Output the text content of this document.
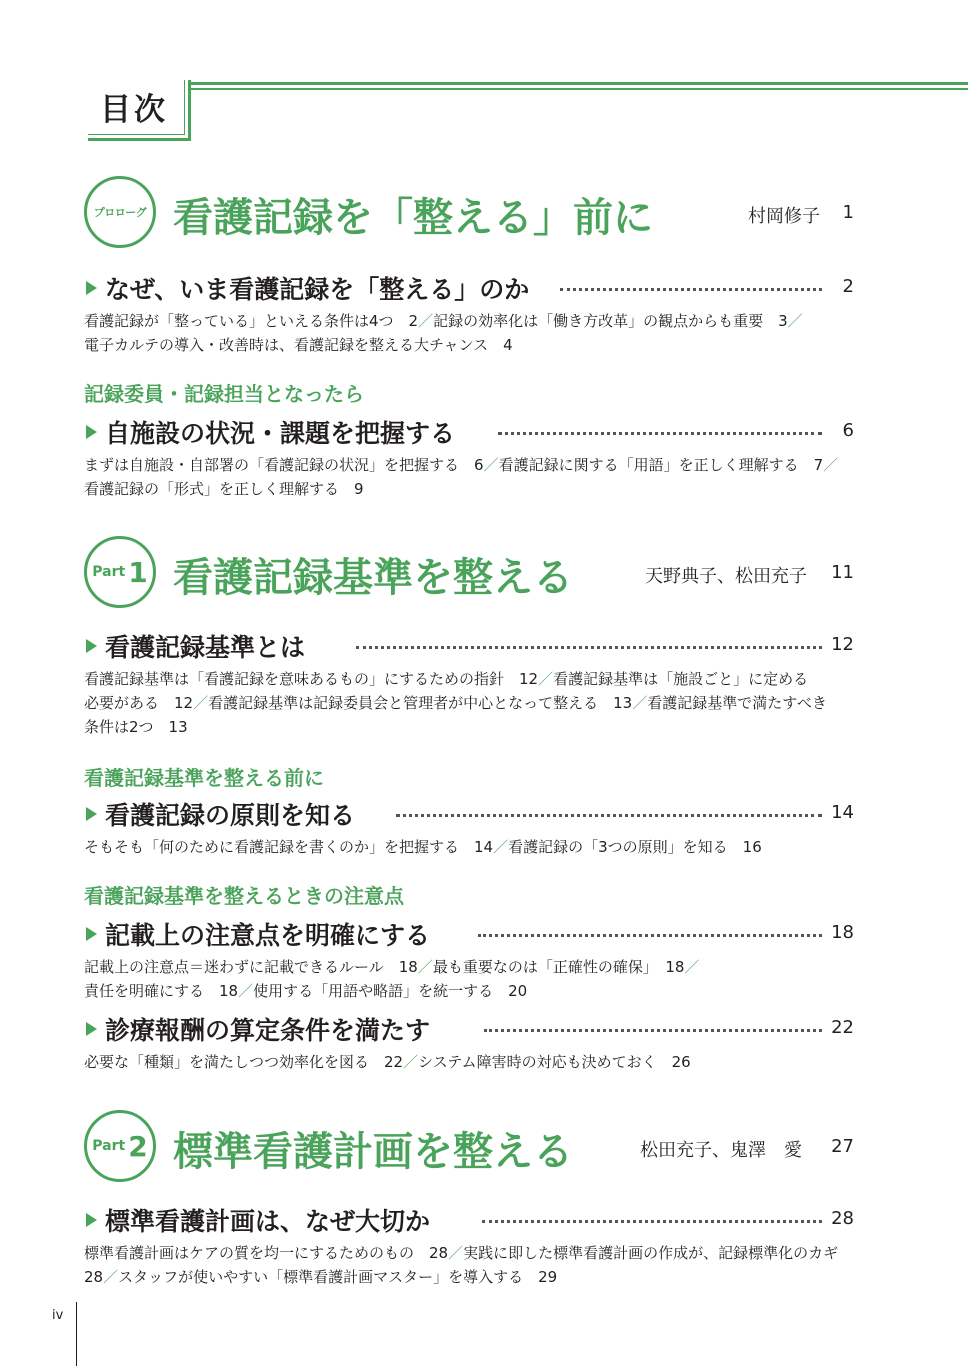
目次
プロローグ 看護記録を「整える」前に	村岡修子	1
なぜ、いま看護記録を「整える」のか	2
看護記録が「整っている」といえる条件は4つ　2／記録の効率化は「働き方改革」の観点からも重要　3／
電子カルテの導入・改善時は、看護記録を整える大チャンス　4
記録委員・記録担当となったら
自施設の状況・課題を把握する	6
まずは自施設・自部署の「看護記録の状況」を把握する　6／看護記録に関する「用語」を正しく理解する　7／
看護記録の「形式」を正しく理解する　9
Part 1 看護記録基準を整える	天野典子、松田充子	11
看護記録基準とは	12
看護記録基準は「看護記録を意味あるもの」にするための指針　12／看護記録基準は「施設ごと」に定める
必要がある　12／看護記録基準は記録委員会と管理者が中心となって整える　13／看護記録基準で満たすべき
条件は2つ　13
看護記録基準を整える前に
看護記録の原則を知る	14
そもそも「何のために看護記録を書くのか」を把握する　14／看護記録の「3つの原則」を知る　16
看護記録基準を整えるときの注意点
記載上の注意点を明確にする	18
記載上の注意点＝迷わずに記載できるルール　18／最も重要なのは「正確性の確保」　18／
責任を明確にする　18／使用する「用語や略語」を統一する　20
診療報酬の算定条件を満たす	22
必要な「種類」を満たしつつ効率化を図る　22／システム障害時の対応も決めておく　26
Part 2 標準看護計画を整える	松田充子、鬼澤　愛	27
標準看護計画は、なぜ大切か	28
標準看護計画はケアの質を均一にするためのもの　28／実践に即した標準看護計画の作成が、記録標準化のカギ
28／スタッフが使いやすい「標準看護計画マスター」を導入する　29
iv
